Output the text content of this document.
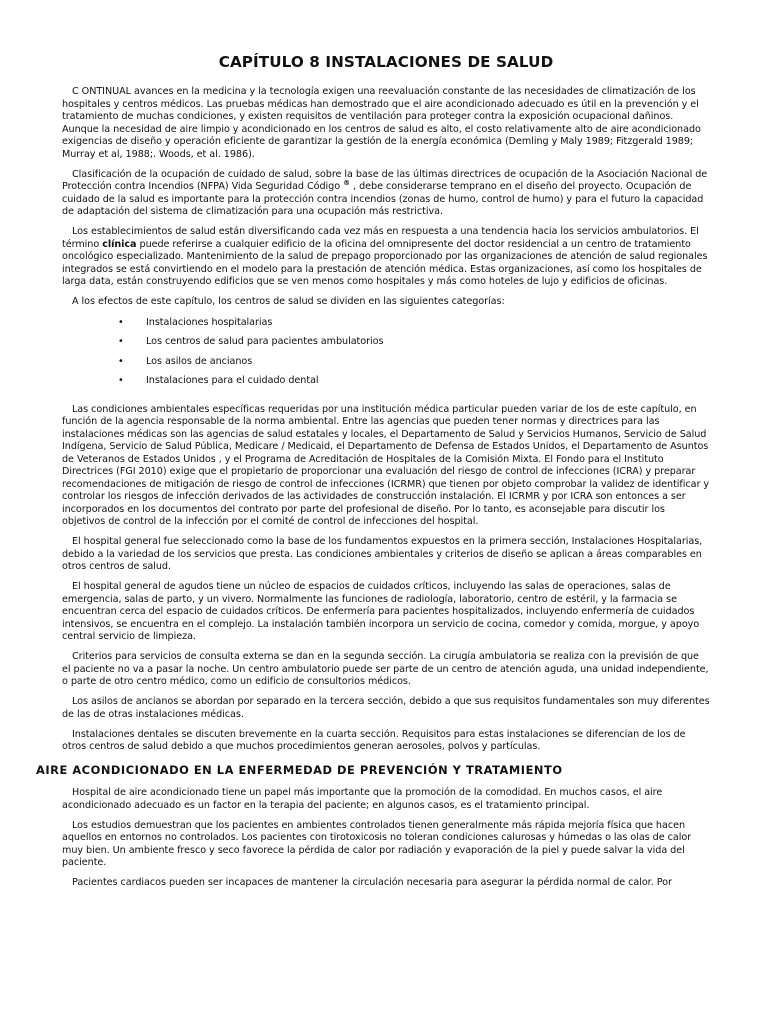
CAPÍTULO 8 INSTALACIONES DE SALUD

C ONTINUAL avances en la medicina y la tecnología exigen una reevaluación constante de las necesidades de climatización de los hospitales y centros médicos. Las pruebas médicas han demostrado que el aire acondicionado adecuado es útil en la prevención y el tratamiento de muchas condiciones, y existen requisitos de ventilación para proteger contra la exposición ocupacional dañinos. Aunque la necesidad de aire limpio y acondicionado en los centros de salud es alto, el costo relativamente alto de aire acondicionado exigencias de diseño y operación eficiente de garantizar la gestión de la energía económica (Demling y Maly 1989; Fitzgerald 1989; Murray et al, 1988;. Woods, et al. 1986).

Clasificación de la ocupación de cuidado de salud, sobre la base de las últimas directrices de ocupación de la Asociación Nacional de Protección contra Incendios (NFPA) Vida Seguridad Código ® , debe considerarse temprano en el diseño del proyecto. Ocupación de cuidado de la salud es importante para la protección contra incendios (zonas de humo, control de humo) y para el futuro la capacidad de adaptación del sistema de climatización para una ocupación más restrictiva.

Los establecimientos de salud están diversificando cada vez más en respuesta a una tendencia hacia los servicios ambulatorios. El término clínica puede referirse a cualquier edificio de la oficina del omnipresente del doctor residencial a un centro de tratamiento oncológico especializado. Mantenimiento de la salud de prepago proporcionado por las organizaciones de atención de salud regionales integrados se está convirtiendo en el modelo para la prestación de atención médica. Estas organizaciones, así como los hospitales de larga data, están construyendo edificios que se ven menos como hospitales y más como hoteles de lujo y edificios de oficinas.

A los efectos de este capítulo, los centros de salud se dividen en las siguientes categorías:

• Instalaciones hospitalarias
• Los centros de salud para pacientes ambulatorios
• Los asilos de ancianos
• Instalaciones para el cuidado dental

Las condiciones ambientales específicas requeridas por una institución médica particular pueden variar de los de este capítulo, en función de la agencia responsable de la norma ambiental. Entre las agencias que pueden tener normas y directrices para las instalaciones médicas son las agencias de salud estatales y locales, el Departamento de Salud y Servicios Humanos, Servicio de Salud Indígena, Servicio de Salud Pública, Medicare / Medicaid, el Departamento de Defensa de Estados Unidos, el Departamento de Asuntos de Veteranos de Estados Unidos , y el Programa de Acreditación de Hospitales de la Comisión Mixta. El Fondo para el Instituto Directrices (FGI 2010) exige que el propietario de proporcionar una evaluación del riesgo de control de infecciones (ICRA) y preparar recomendaciones de mitigación de riesgo de control de infecciones (ICRMR) que tienen por objeto comprobar la validez de identificar y controlar los riesgos de infección derivados de las actividades de construcción instalación. El ICRMR y por ICRA son entonces a ser incorporados en los documentos del contrato por parte del profesional de diseño. Por lo tanto, es aconsejable para discutir los objetivos de control de la infección por el comité de control de infecciones del hospital.

El hospital general fue seleccionado como la base de los fundamentos expuestos en la primera sección, Instalaciones Hospitalarias, debido a la variedad de los servicios que presta. Las condiciones ambientales y criterios de diseño se aplican a áreas comparables en otros centros de salud.

El hospital general de agudos tiene un núcleo de espacios de cuidados críticos, incluyendo las salas de operaciones, salas de emergencia, salas de parto, y un vivero. Normalmente las funciones de radiología, laboratorio, centro de estéril, y la farmacia se encuentran cerca del espacio de cuidados críticos. De enfermería para pacientes hospitalizados, incluyendo enfermería de cuidados intensivos, se encuentra en el complejo. La instalación también incorpora un servicio de cocina, comedor y comida, morgue, y apoyo central servicio de limpieza.

Criterios para servicios de consulta externa se dan en la segunda sección. La cirugía ambulatoria se realiza con la previsión de que el paciente no va a pasar la noche. Un centro ambulatorio puede ser parte de un centro de atención aguda, una unidad independiente, o parte de otro centro médico, como un edificio de consultorios médicos.

Los asilos de ancianos se abordan por separado en la tercera sección, debido a que sus requisitos fundamentales son muy diferentes de las de otras instalaciones médicas.

Instalaciones dentales se discuten brevemente en la cuarta sección. Requisitos para estas instalaciones se diferencian de los de otros centros de salud debido a que muchos procedimientos generan aerosoles, polvos y partículas.

AIRE ACONDICIONADO EN LA ENFERMEDAD DE PREVENCIÓN Y TRATAMIENTO

Hospital de aire acondicionado tiene un papel más importante que la promoción de la comodidad. En muchos casos, el aire acondicionado adecuado es un factor en la terapia del paciente; en algunos casos, es el tratamiento principal.

Los estudios demuestran que los pacientes en ambientes controlados tienen generalmente más rápida mejoría física que hacen aquellos en entornos no controlados. Los pacientes con tirotoxicosis no toleran condiciones calurosas y húmedas o las olas de calor muy bien. Un ambiente fresco y seco favorece la pérdida de calor por radiación y evaporación de la piel y puede salvar la vida del paciente.

Pacientes cardiacos pueden ser incapaces de mantener la circulación necesaria para asegurar la pérdida normal de calor. Por
